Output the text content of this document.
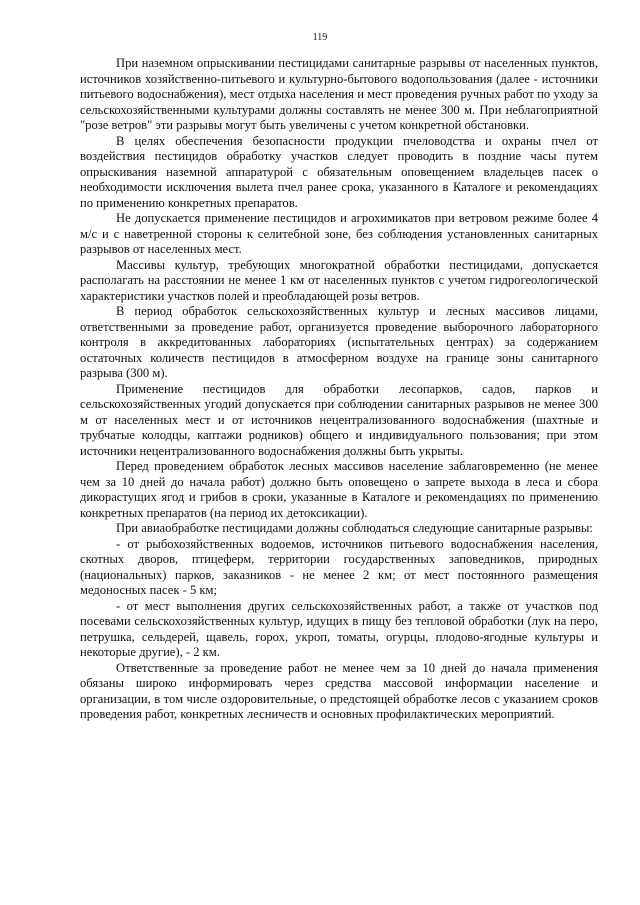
119

При наземном опрыскивании пестицидами санитарные разрывы от населенных пунктов, источников хозяйственно-питьевого и культурно-бытового водопользования (далее - источники питьевого водоснабжения), мест отдыха населения и мест проведения ручных работ по уходу за сельскохозяйственными культурами должны составлять не менее 300 м. При неблагоприятной "розе ветров" эти разрывы могут быть увеличены с учетом конкретной обстановки.

В целях обеспечения безопасности продукции пчеловодства и охраны пчел от воздействия пестицидов обработку участков следует проводить в поздние часы путем опрыскивания наземной аппаратурой с обязательным оповещением владельцев пасек о необходимости исключения вылета пчел ранее срока, указанного в Каталоге и рекомендациях по применению конкретных препаратов.

Не допускается применение пестицидов и агрохимикатов при ветровом режиме более 4 м/с и с наветренной стороны к селитебной зоне, без соблюдения установленных санитарных разрывов от населенных мест.

Массивы культур, требующих многократной обработки пестицидами, допускается располагать на расстоянии не менее 1 км от населенных пунктов с учетом гидрогеологической характеристики участков полей и преобладающей розы ветров.

В период обработок сельскохозяйственных культур и лесных массивов лицами, ответственными за проведение работ, организуется проведение выборочного лабораторного контроля в аккредитованных лабораториях (испытательных центрах) за содержанием остаточных количеств пестицидов в атмосферном воздухе на границе зоны санитарного разрыва (300 м).

Применение пестицидов для обработки лесопарков, садов, парков и сельскохозяйственных угодий допускается при соблюдении санитарных разрывов не менее 300 м от населенных мест и от источников нецентрализованного водоснабжения (шахтные и трубчатые колодцы, каптажи родников) общего и индивидуального пользования; при этом источники нецентрализованного водоснабжения должны быть укрыты.

Перед проведением обработок лесных массивов население заблаговременно (не менее чем за 10 дней до начала работ) должно быть оповещено о запрете выхода в леса и сбора дикорастущих ягод и грибов в сроки, указанные в Каталоге и рекомендациях по применению конкретных препаратов (на период их детоксикации).

При авиаобработке пестицидами должны соблюдаться следующие санитарные разрывы:

- от рыбохозяйственных водоемов, источников питьевого водоснабжения населения, скотных дворов, птицеферм, территории государственных заповедников, природных (национальных) парков, заказников - не менее 2 км; от мест постоянного размещения медоносных пасек - 5 км;

- от мест выполнения других сельскохозяйственных работ, а также от участков под посевами сельскохозяйственных культур, идущих в пищу без тепловой обработки (лук на перо, петрушка, сельдерей, щавель, горох, укроп, томаты, огурцы, плодово-ягодные культуры и некоторые другие), - 2 км.

Ответственные за проведение работ не менее чем за 10 дней до начала применения обязаны широко информировать через средства массовой информации население и организации, в том числе оздоровительные, о предстоящей обработке лесов с указанием сроков проведения работ, конкретных лесничеств и основных профилактических мероприятий.
